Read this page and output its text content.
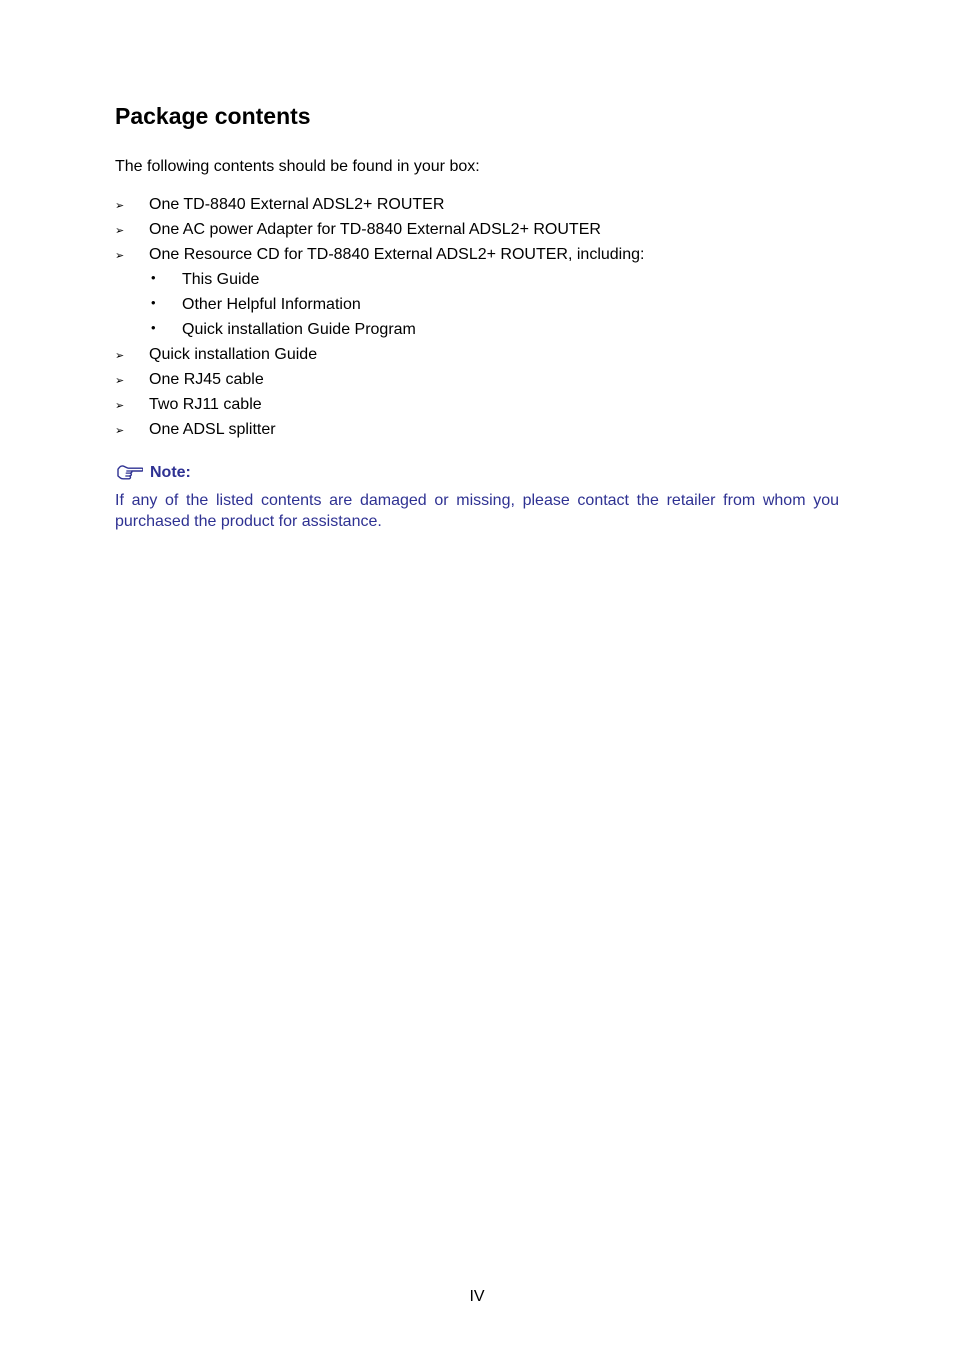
Package contents

The following contents should be found in your box:

➢ One TD-8840 External ADSL2+ ROUTER
➢ One AC power Adapter for TD-8840 External ADSL2+ ROUTER
➢ One Resource CD for TD-8840 External ADSL2+ ROUTER, including:
• This Guide
• Other Helpful Information
• Quick installation Guide Program
➢ Quick installation Guide
➢ One RJ45 cable
➢ Two RJ11 cable
➢ One ADSL splitter
Note:

If any of the listed contents are damaged or missing, please contact the retailer from whom you purchased the product for assistance.

IV
